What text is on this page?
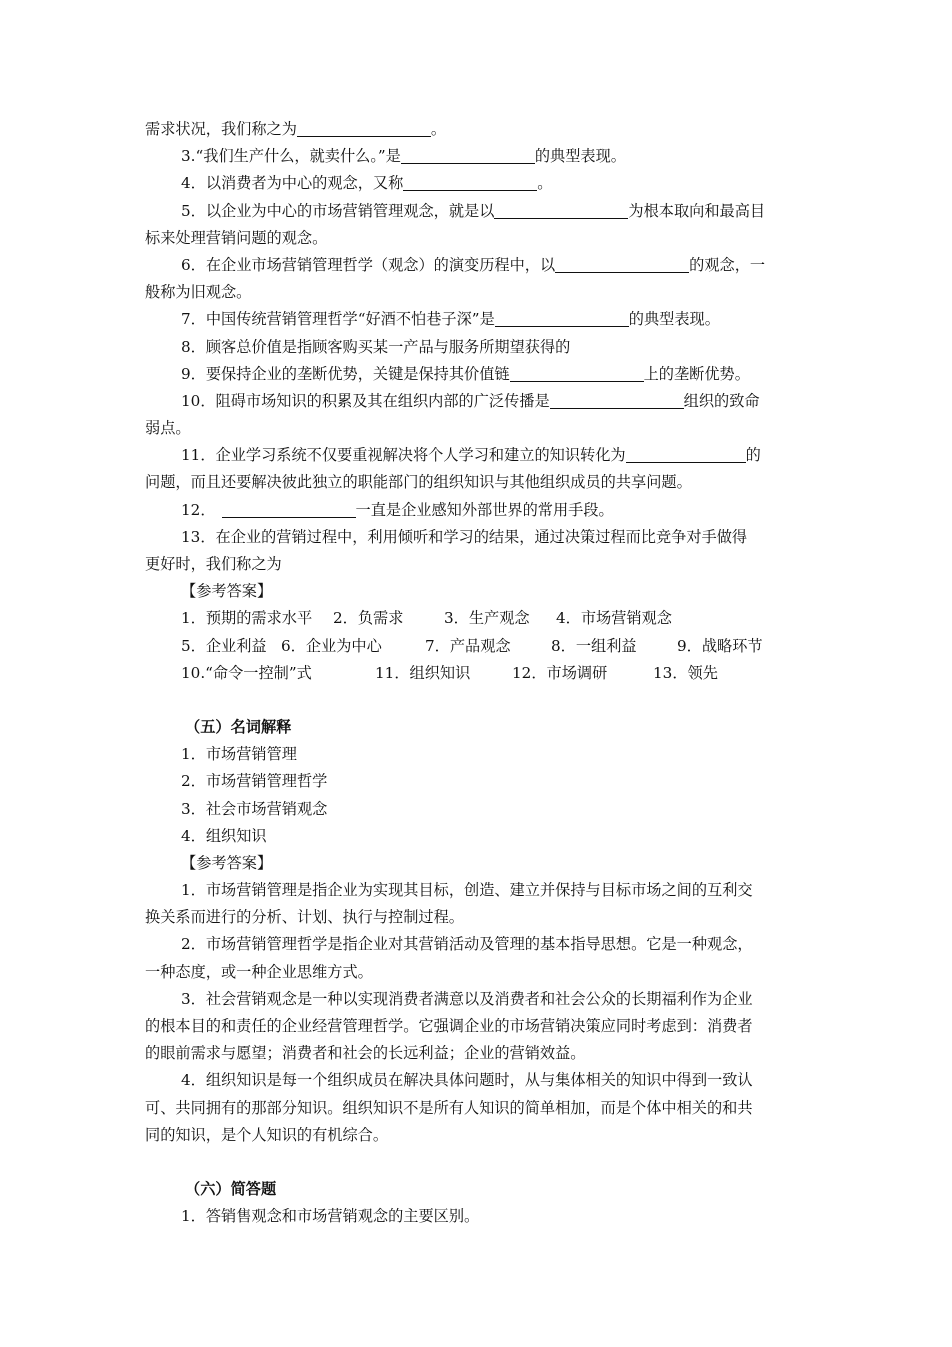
需求状况，我们称之为	。
3.“我们生产什么，就卖什么。”是	的典型表现。
4．以消费者为中心的观念，又称	。
5．以企业为中心的市场营销管理观念，就是以	为根本取向和最高目
标来处理营销问题的观念。
6．在企业市场营销管理哲学（观念）的演变历程中，以	的观念，一
般称为旧观念。
7．中国传统营销管理哲学“好酒不怕巷子深”是	的典型表现。
8．顾客总价值是指顾客购买某一产品与服务所期望获得的
9．要保持企业的垄断优势，关键是保持其价值链	上的垄断优势。
10．阻碍市场知识的积累及其在组织内部的广泛传播是	组织的致命
弱点。
11．企业学习系统不仅要重视解决将个人学习和建立的知识转化为	的
问题，而且还要解决彼此独立的职能部门的组织知识与其他组织成员的共享问题。
12．	一直是企业感知外部世界的常用手段。
13．在企业的营销过程中，利用倾听和学习的结果，通过决策过程而比竞争对手做得
更好时，我们称之为
【参考答案】
1．预期的需求水平 2．负需求	3．生产观念 4．市场营销观念
5．企业利益 6．企业为中心	7．产品观念	8．一组利益	9．战略环节
10.“命令一控制”式	11．组织知识	12．市场调研	13．领先
（五）名词解释
1．市场营销管理
2．市场营销管理哲学
3．社会市场营销观念
4．组织知识
【参考答案】
1．市场营销管理是指企业为实现其目标，创造、建立并保持与目标市场之间的互利交
换关系而进行的分析、计划、执行与控制过程。
2．市场营销管理哲学是指企业对其营销活动及管理的基本指导思想。它是一种观念，
一种态度，或一种企业思维方式。
3．社会营销观念是一种以实现消费者满意以及消费者和社会公众的长期福利作为企业
的根本目的和责任的企业经营管理哲学。它强调企业的市场营销决策应同时考虑到：消费者
的眼前需求与愿望；消费者和社会的长远利益；企业的营销效益。
4．组织知识是每一个组织成员在解决具体问题时，从与集体相关的知识中得到一致认
可、共同拥有的那部分知识。组织知识不是所有人知识的简单相加，而是个体中相关的和共
同的知识，是个人知识的有机综合。
（六）简答题
1．答销售观念和市场营销观念的主要区别。
